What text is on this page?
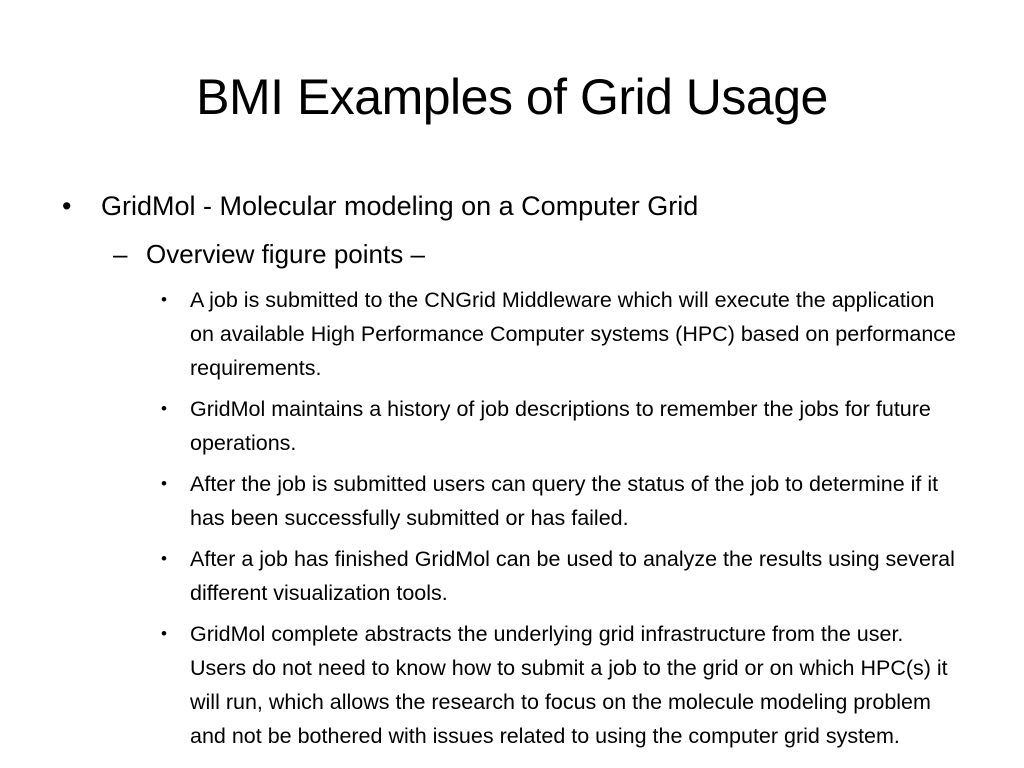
BMI Examples of Grid Usage
• GridMol - Molecular modeling on a Computer Grid
– Overview figure points –
• A job is submitted to the CNGrid Middleware which will execute the application on available High Performance Computer systems (HPC) based on performance requirements.
• GridMol maintains a history of job descriptions to remember the jobs for future operations.
• After the job is submitted users can query the status of the job to determine if it has been successfully submitted or has failed.
• After a job has finished GridMol can be used to analyze the results using several different visualization tools.
• GridMol complete abstracts the underlying grid infrastructure from the user. Users do not need to know how to submit a job to the grid or on which HPC(s) it will run, which allows the research to focus on the molecule modeling problem and not be bothered with issues related to using the computer grid system.
